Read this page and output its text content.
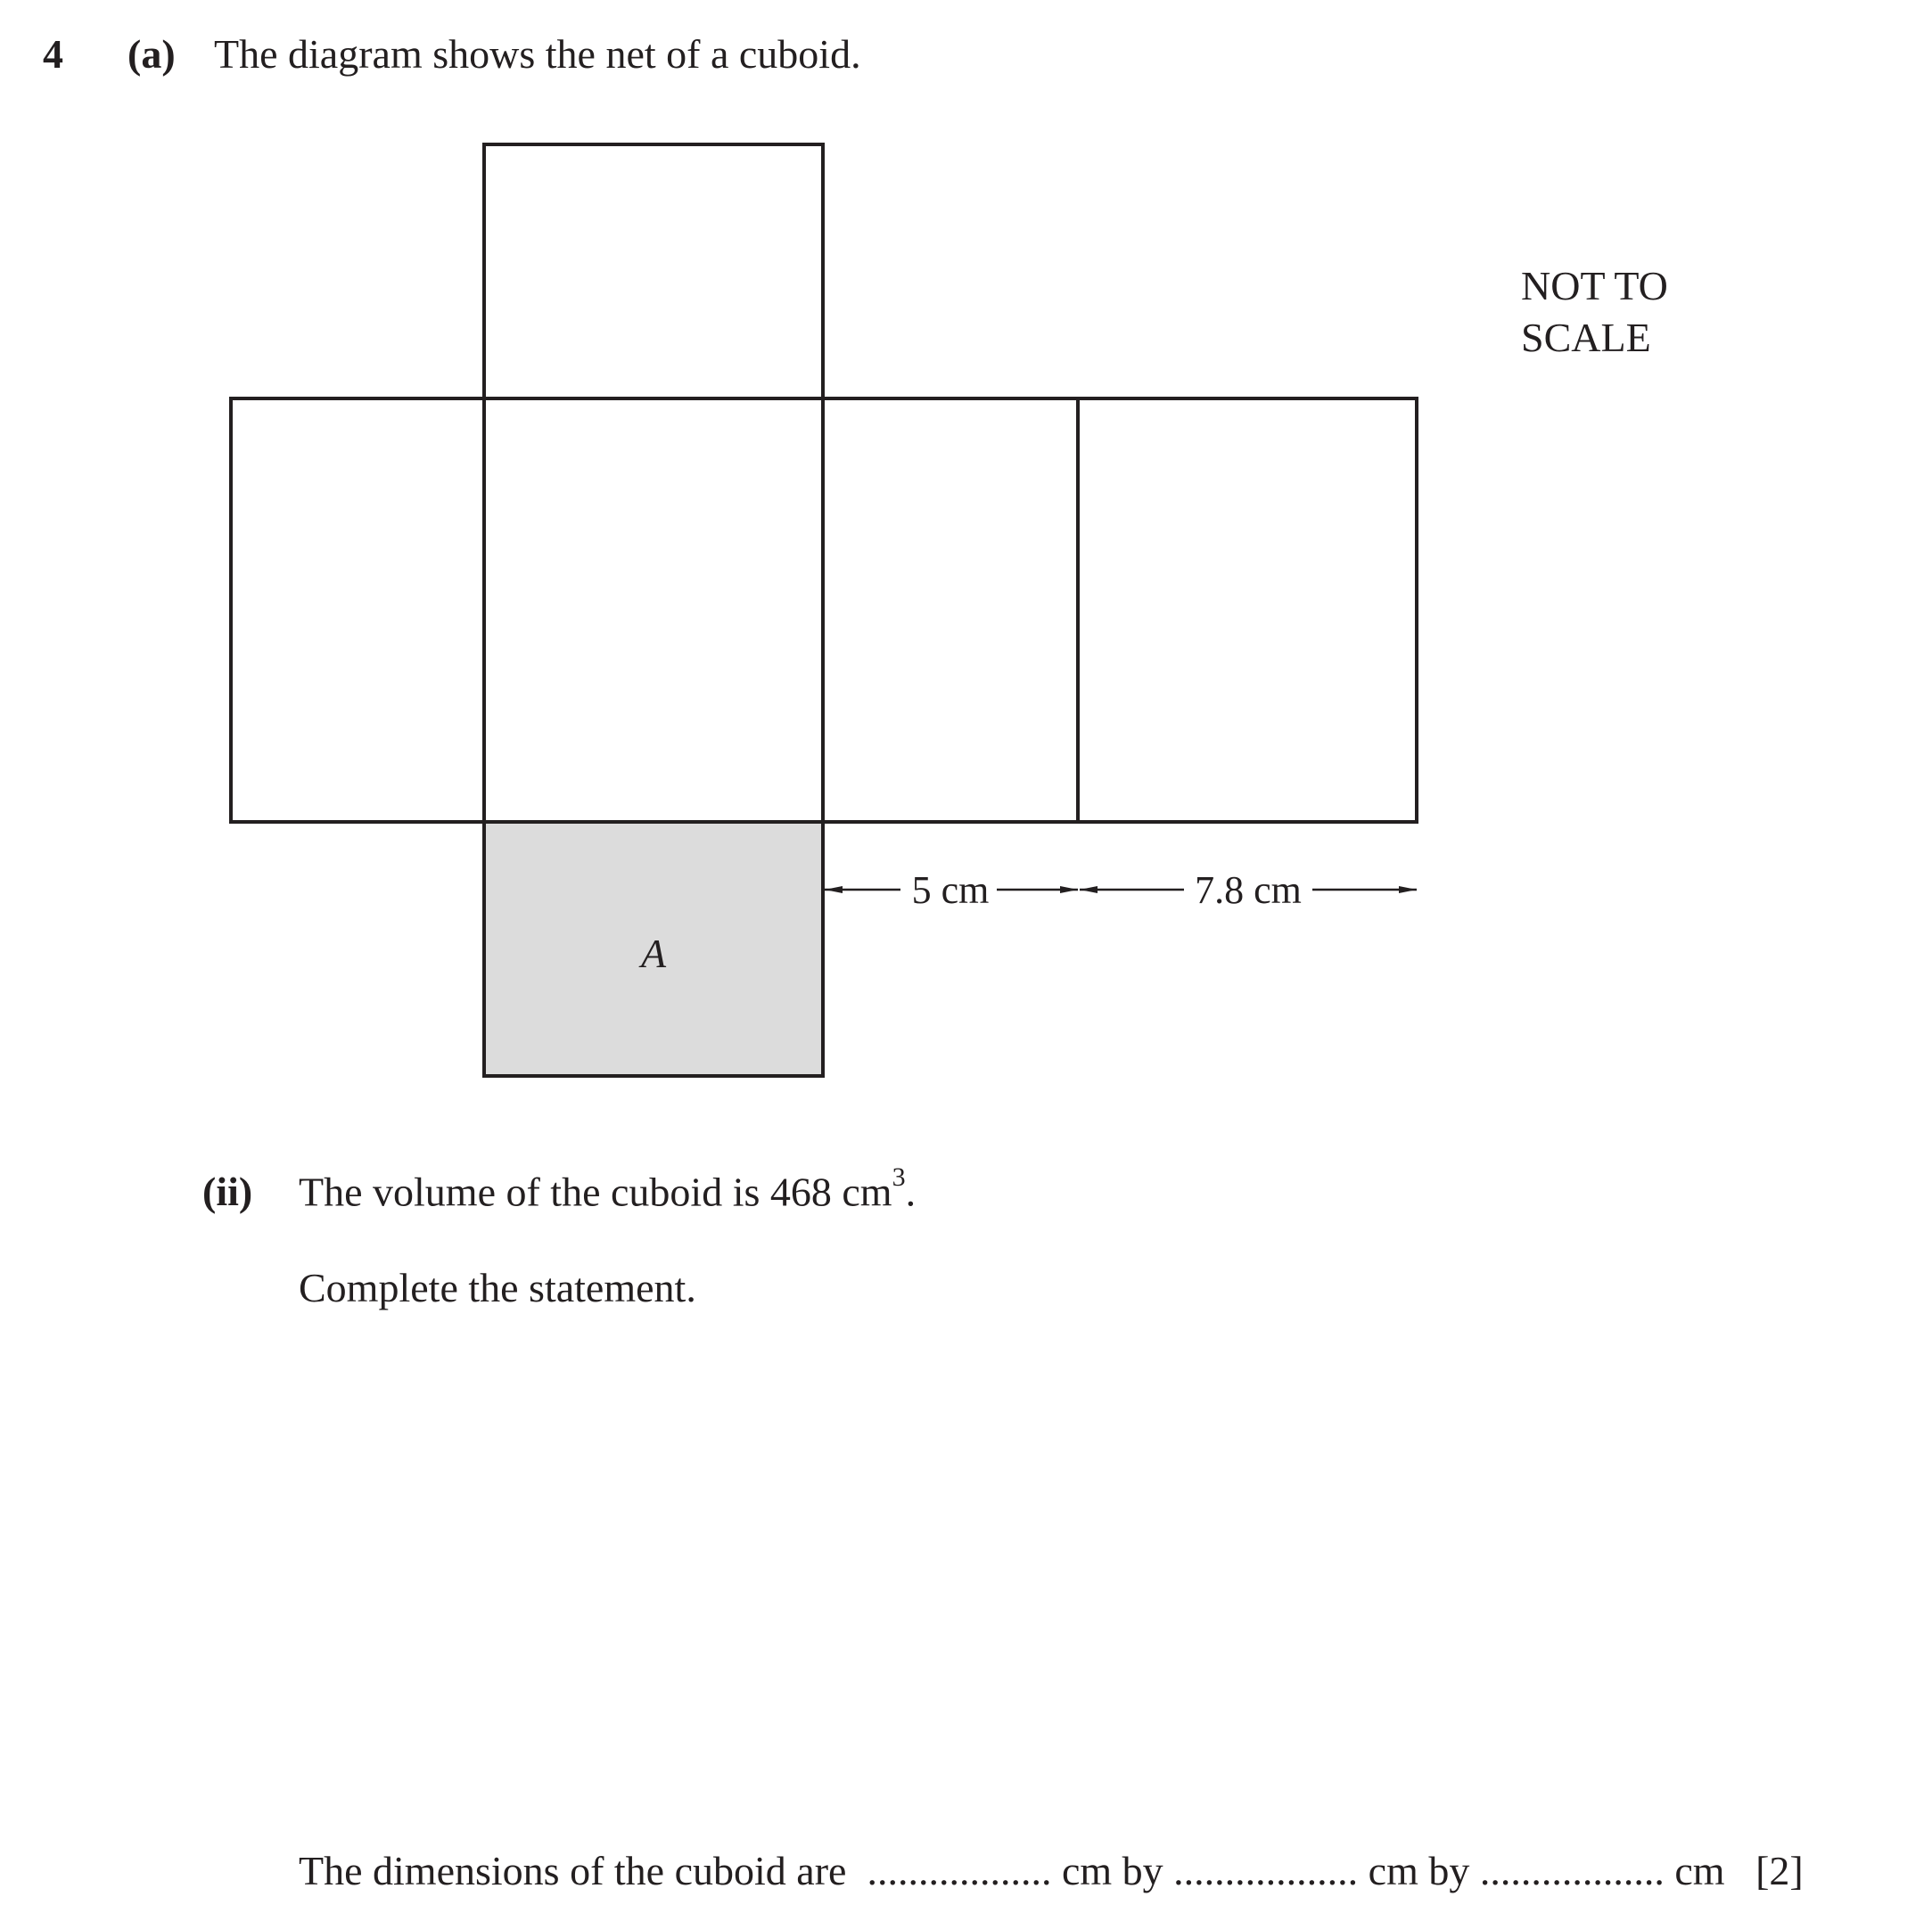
4 (a) The diagram shows the net of a cuboid.
A
5 cm	7.8 cm
NOT TO
SCALE
(ii) The volume of the cuboid is 468 $cm^3$.
Complete the statement.
The dimensions of the cuboid are .................. cm by .................. cm by .................. cm [2]
